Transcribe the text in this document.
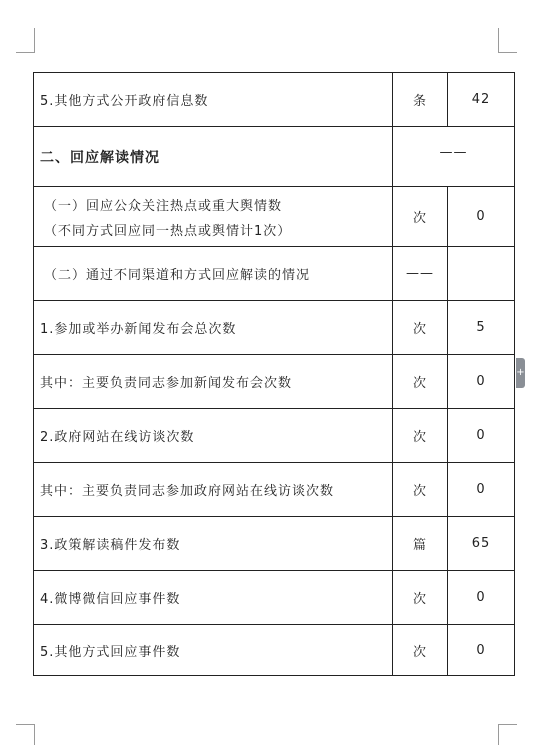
5.其他方式公开政府信息数	条	42
二、回应解读情况	——
（一）回应公众关注热点或重大舆情数
（不同方式回应同一热点或舆情计1次）
次	0
（二）通过不同渠道和方式回应解读的情况	——
1.参加或举办新闻发布会总次数	次	5
其中：主要负责同志参加新闻发布会次数	次	0
2.政府网站在线访谈次数	次	0
其中：主要负责同志参加政府网站在线访谈次数	次	0
3.政策解读稿件发布数	篇	65
4.微博微信回应事件数	次	0
5.其他方式回应事件数	次	0
+
